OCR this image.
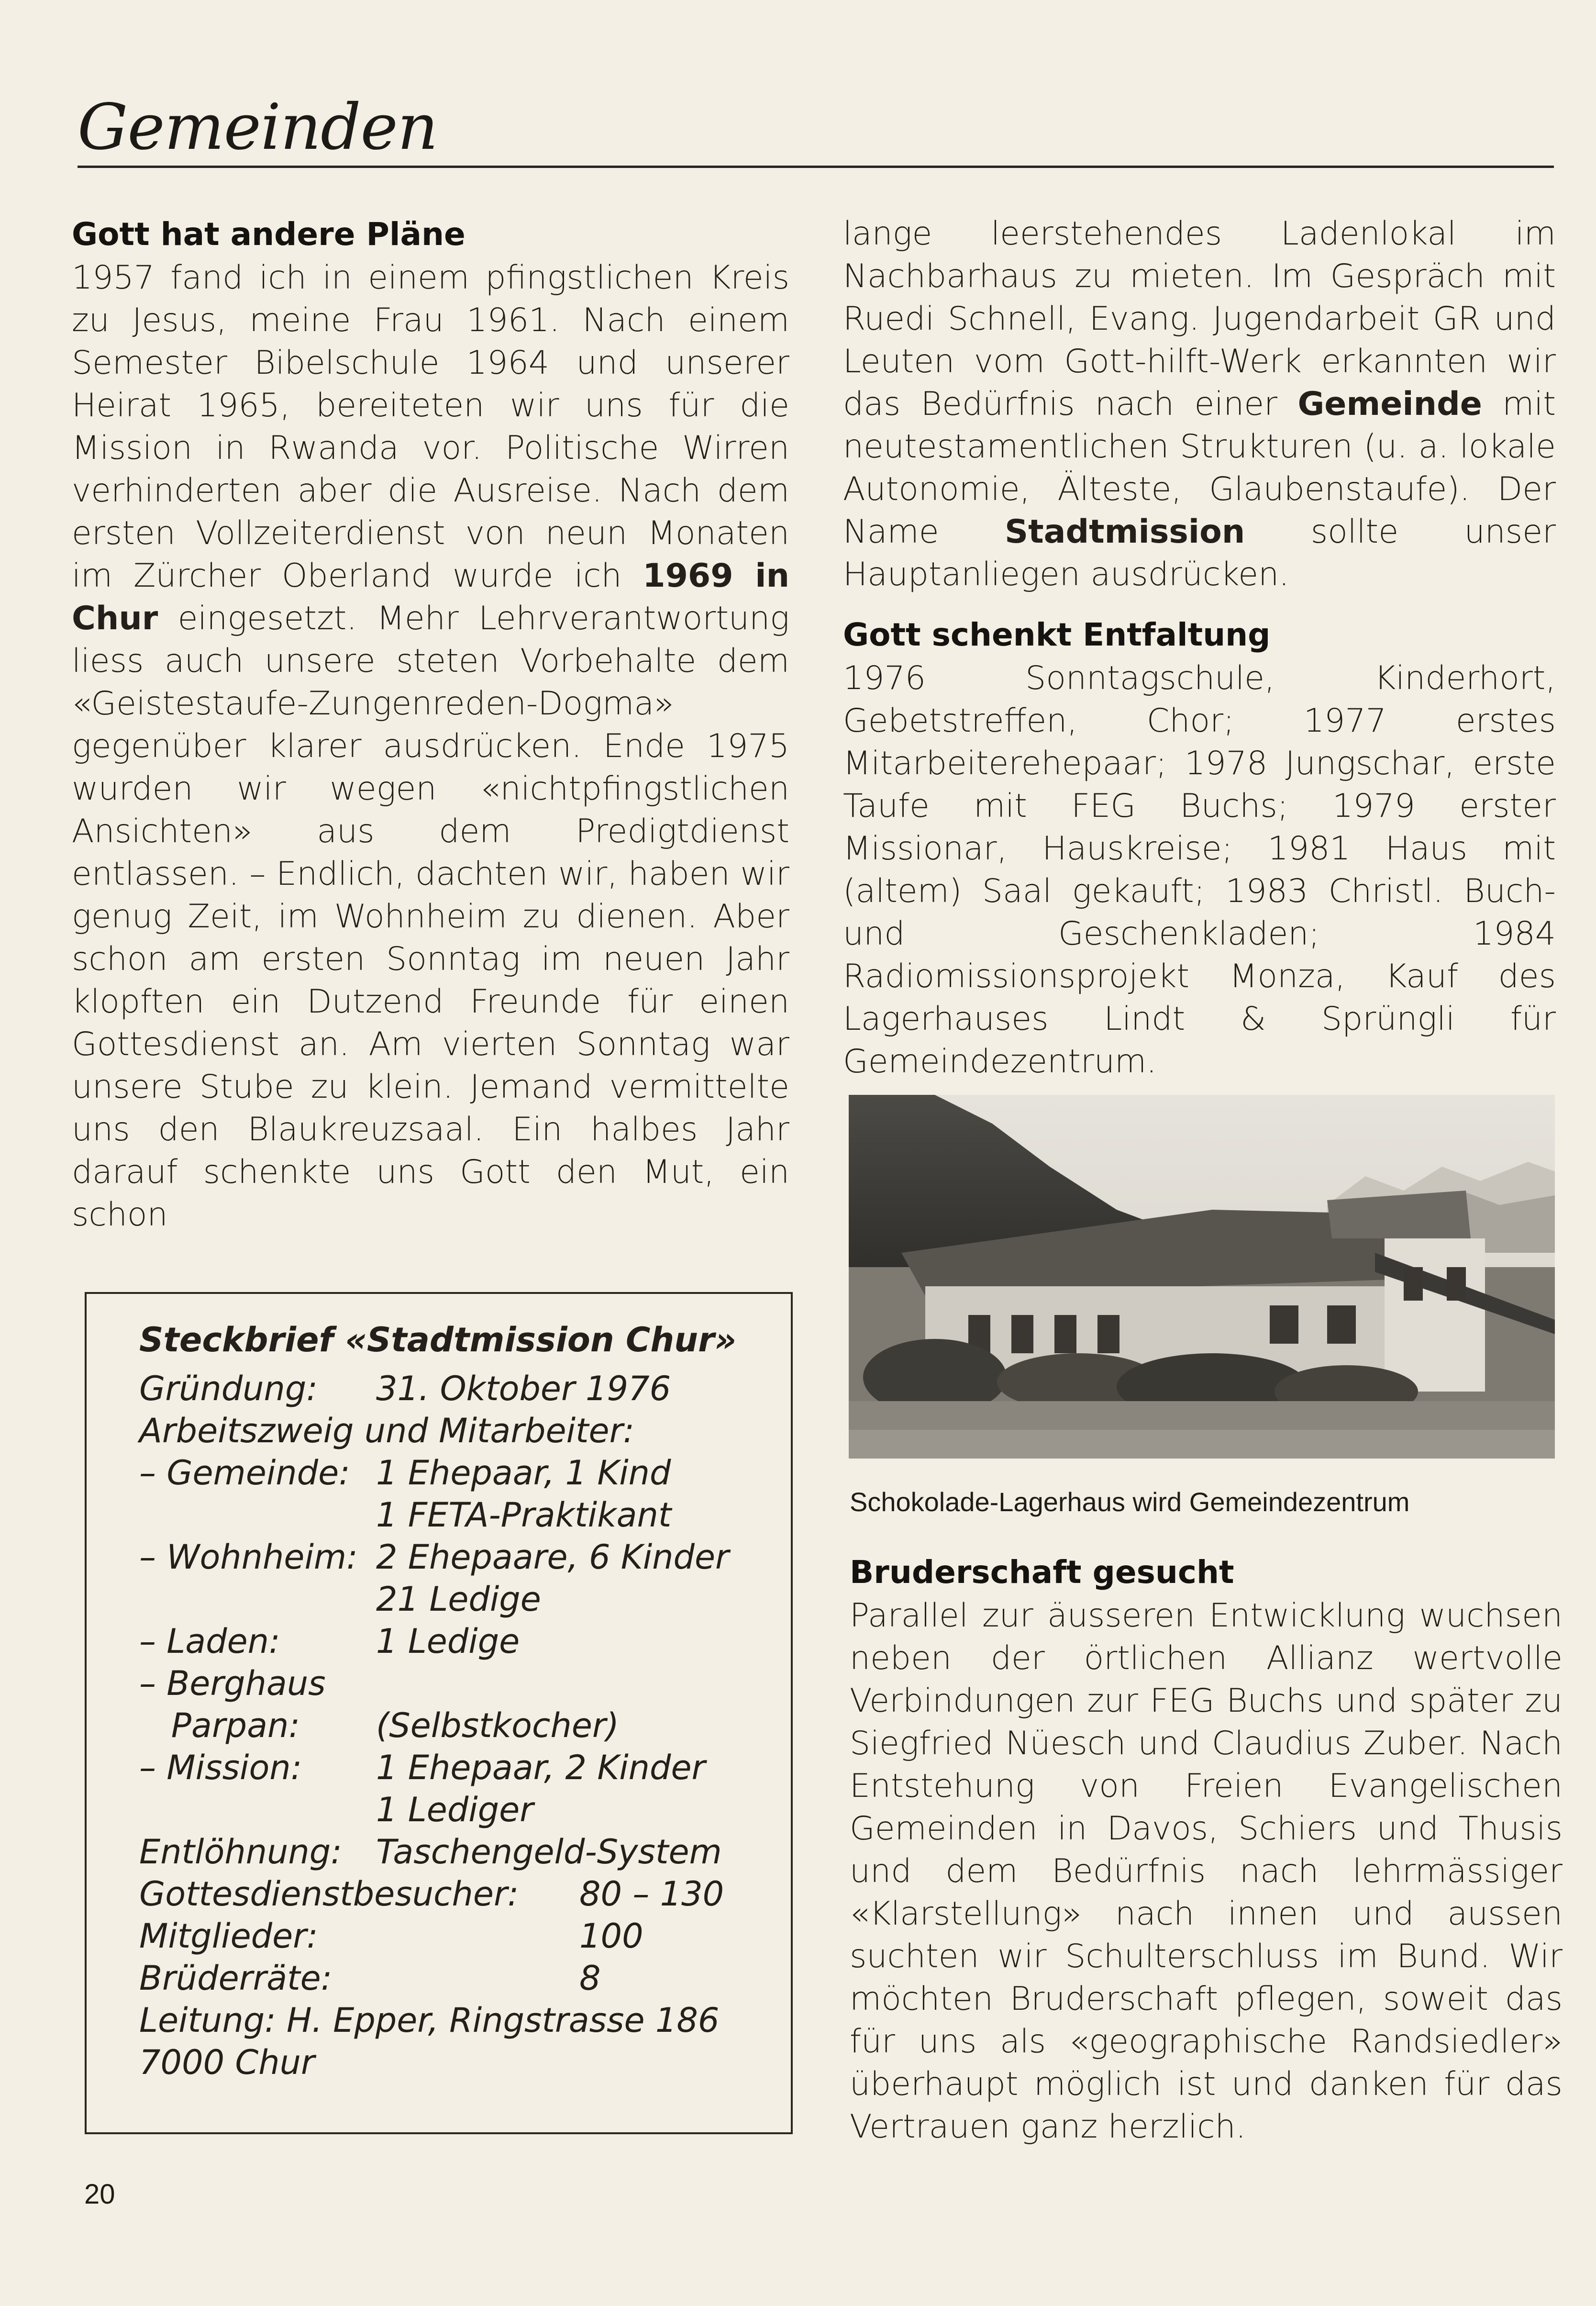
Gemeinden

Gott hat andere Pläne

1957 fand ich in einem pfingstlichen Kreis zu Jesus, meine Frau 1961. Nach einem Semester Bibelschule 1964 und unserer Heirat 1965, bereiteten wir uns für die Mission in Rwanda vor. Politische Wirren verhinderten aber die Ausreise. Nach dem ersten Vollzeiterdienst von neun Monaten im Zürcher Oberland wurde ich 1969 in Chur eingesetzt. Mehr Lehrverantwortung liess auch unsere steten Vorbehalte dem «Geistestaufe-Zungenreden-Dogma» gegenüber klarer ausdrücken. Ende 1975 wurden wir wegen «nichtpfingstlichen Ansichten» aus dem Predigtdienst entlassen. – Endlich, dachten wir, haben wir genug Zeit, im Wohnheim zu dienen. Aber schon am ersten Sonntag im neuen Jahr klopften ein Dutzend Freunde für einen Gottesdienst an. Am vierten Sonntag war unsere Stube zu klein. Jemand vermittelte uns den Blaukreuzsaal. Ein halbes Jahr darauf schenkte uns Gott den Mut, ein schon

Steckbrief «Stadtmission Chur»
Gründung: 31. Oktober 1976
Arbeitszweig und Mitarbeiter:
– Gemeinde: 1 Ehepaar, 1 Kind
1 FETA-Praktikant
– Wohnheim: 2 Ehepaare, 6 Kinder
21 Ledige
– Laden:	1 Ledige
– Berghaus
Parpan: (Selbstkocher)
– Mission: 1 Ehepaar, 2 Kinder
1 Lediger
Entlöhnung: Taschengeld-System
Gottesdienstbesucher: 80 – 130
Mitglieder:	100
Brüderräte:	8
Leitung: H. Epper, Ringstrasse 186
7000 Chur

lange leerstehendes Ladenlokal im Nachbarhaus zu mieten. Im Gespräch mit Ruedi Schnell, Evang. Jugendarbeit GR und Leuten vom Gott-hilft-Werk erkannten wir das Bedürfnis nach einer Gemeinde mit neutestamentlichen Strukturen (u. a. lokale Autonomie, Älteste, Glaubenstaufe). Der Name Stadtmission sollte unser Hauptanliegen ausdrücken.

Gott schenkt Entfaltung

1976 Sonntagschule, Kinderhort, Gebetstreffen, Chor; 1977 erstes Mitarbeiterehepaar; 1978 Jungschar, erste Taufe mit FEG Buchs; 1979 erster Missionar, Hauskreise; 1981 Haus mit (altem) Saal gekauft; 1983 Christl. Buch- und Geschenkladen; 1984 Radiomissionsprojekt Monza, Kauf des Lagerhauses Lindt & Sprüngli für Gemeindezentrum.

Schokolade-Lagerhaus wird Gemeindezentrum

Bruderschaft gesucht

Parallel zur äusseren Entwicklung wuchsen neben der örtlichen Allianz wertvolle Verbindungen zur FEG Buchs und später zu Siegfried Nüesch und Claudius Zuber. Nach Entstehung von Freien Evangelischen Gemeinden in Davos, Schiers und Thusis und dem Bedürfnis nach lehrmässiger «Klarstellung» nach innen und aussen suchten wir Schulterschluss im Bund. Wir möchten Bruderschaft pflegen, soweit das für uns als «geographische Randsiedler» überhaupt möglich ist und danken für das Vertrauen ganz herzlich.

20
